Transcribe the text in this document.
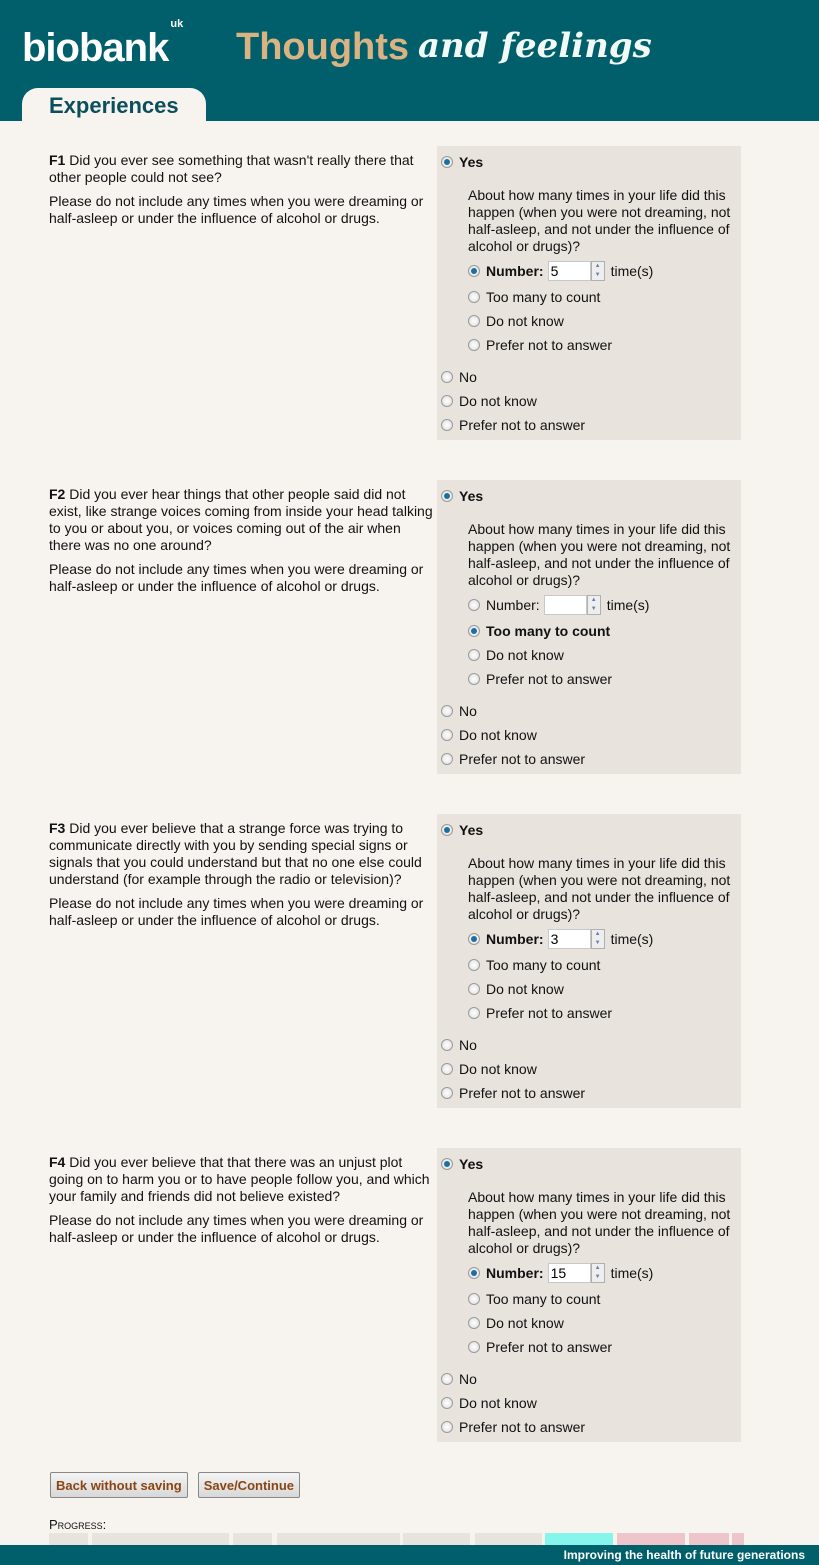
biobank$^{uk}$
Thoughts and feelings
Experiences

F1 Did you ever see something that wasn't really there that other people could not see?

Please do not include any times when you were dreaming or half-asleep or under the influence of alcohol or drugs.

Yes
About how many times in your life did this happen (when you were not dreaming, not half-asleep, and not under the influence of alcohol or drugs)?
Number:
5	▲
▼ time(s)
Too many to count
Do not know
Prefer not to answer
No
Do not know
Prefer not to answer

F2 Did you ever hear things that other people said did not exist, like strange voices coming from inside your head talking to you or about you, or voices coming out of the air when there was no one around?

Please do not include any times when you were dreaming or half-asleep or under the influence of alcohol or drugs.

Yes
About how many times in your life did this happen (when you were not dreaming, not half-asleep, and not under the influence of alcohol or drugs)?
Number:	▲
▼ time(s)
Too many to count
Do not know
Prefer not to answer
No
Do not know
Prefer not to answer

F3 Did you ever believe that a strange force was trying to communicate directly with you by sending special signs or signals that you could understand but that no one else could understand (for example through the radio or television)?

Please do not include any times when you were dreaming or half-asleep or under the influence of alcohol or drugs.

Yes
About how many times in your life did this happen (when you were not dreaming, not half-asleep, and not under the influence of alcohol or drugs)?
Number:
3	▲
▼ time(s)
Too many to count
Do not know
Prefer not to answer
No
Do not know
Prefer not to answer

F4 Did you ever believe that that there was an unjust plot going on to harm you or to have people follow you, and which your family and friends did not believe existed?

Please do not include any times when you were dreaming or half-asleep or under the influence of alcohol or drugs.

Yes
About how many times in your life did this happen (when you were not dreaming, not half-asleep, and not under the influence of alcohol or drugs)?
Number:
15	▲
▼ time(s)
Too many to count
Do not know
Prefer not to answer
No
Do not know
Prefer not to answer
Back without saving	Save/Continue
Progress:
Improving the health of future generations
